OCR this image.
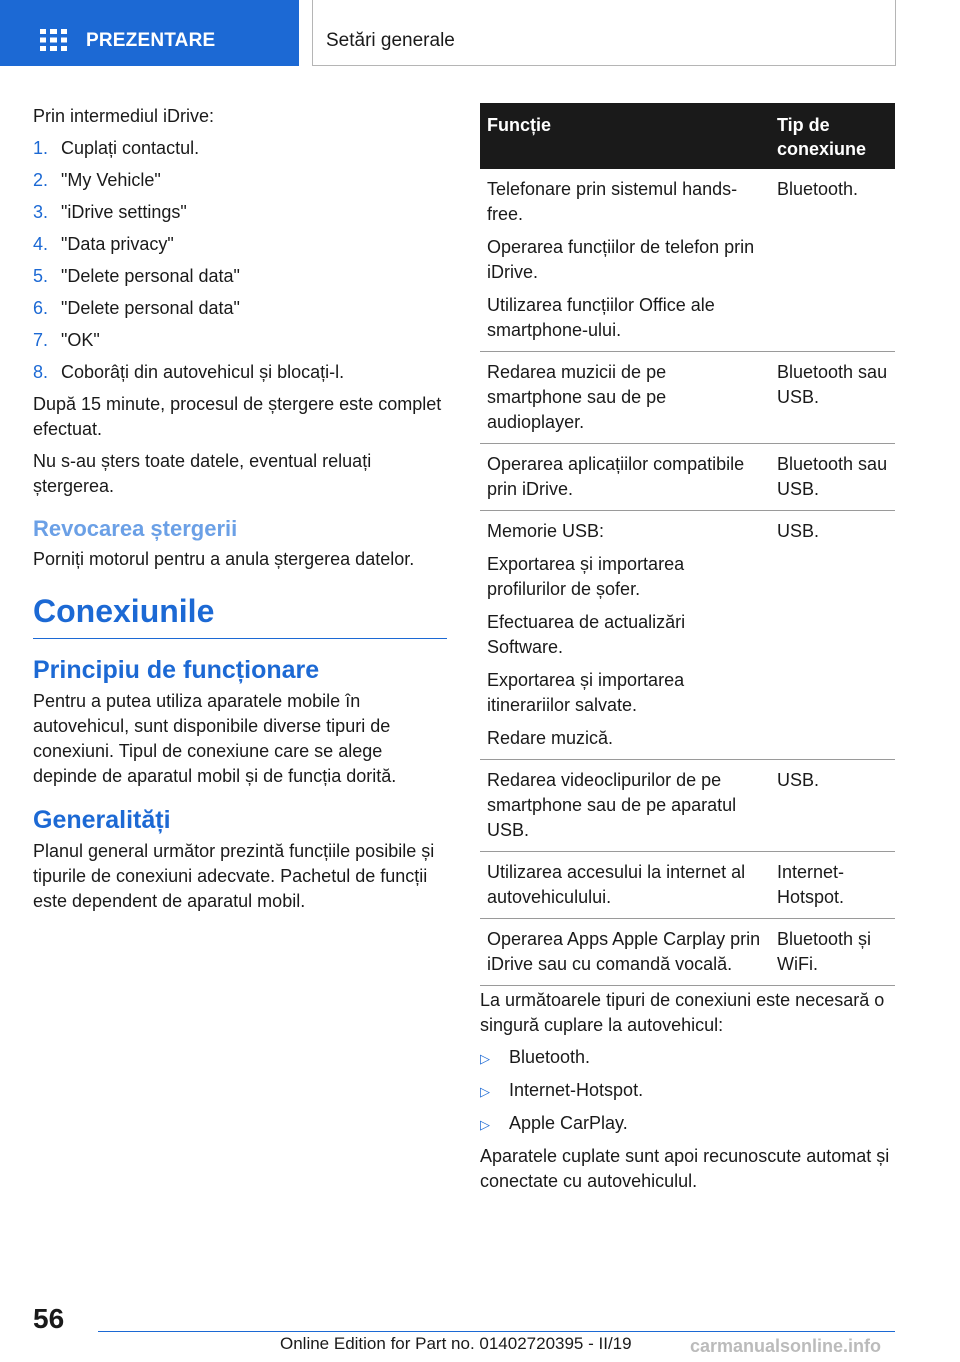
PREZENTARE	Setări generale

Prin intermediul iDrive:

1. Cuplați contactul.
2. "My Vehicle"
3. "iDrive settings"
4. "Data privacy"
5. "Delete personal data"
6. "Delete personal data"
7. "OK"
8. Coborâți din autovehicul și blocați-l.

După 15 minute, procesul de ștergere este complet efectuat.

Nu s-au șters toate datele, eventual reluați ștergerea.

Revocarea ștergerii

Porniți motorul pentru a anula ștergerea datelor.

Conexiunile
Principiu de funcționare

Pentru a putea utiliza aparatele mobile în autovehicul, sunt disponibile diverse tipuri de conexiuni. Tipul de conexiune care se alege depinde de aparatul mobil și de funcția dorită.

Generalități

Planul general următor prezintă funcțiile posibile și tipurile de conexiuni adecvate. Pachetul de funcții este dependent de aparatul mobil.

Funcție	Tip de conexiune

Telefonare prin sistemul hands-free.
Operarea funcțiilor de telefon prin iDrive.
Utilizarea funcțiilor Office ale smartphone-ului.	Bluetooth.

Redarea muzicii de pe smartphone sau de pe audioplayer.	Bluetooth sau USB.

Operarea aplicațiilor compatibile prin iDrive.	Bluetooth sau USB.

Memorie USB:
Exportarea și importarea profilurilor de șofer.
Efectuarea de actualizări Software.
Exportarea și importarea itinerariilor salvate.
Redare muzică.	USB.

Redarea videoclipurilor de pe smartphone sau de pe aparatul USB.	USB.

Utilizarea accesului la internet al autovehiculului.	Internet-Hotspot.

Operarea Apps Apple Carplay prin iDrive sau cu comandă vocală.	Bluetooth și WiFi.

La următoarele tipuri de conexiuni este necesară o singură cuplare la autovehicul:

▷	Bluetooth.
▷	Internet-Hotspot.
▷	Apple CarPlay.

Aparatele cuplate sunt apoi recunoscute automat și conectate cu autovehiculul.

56
Online Edition for Part no. 01402720395 - II/19	carmanualsonline.info
